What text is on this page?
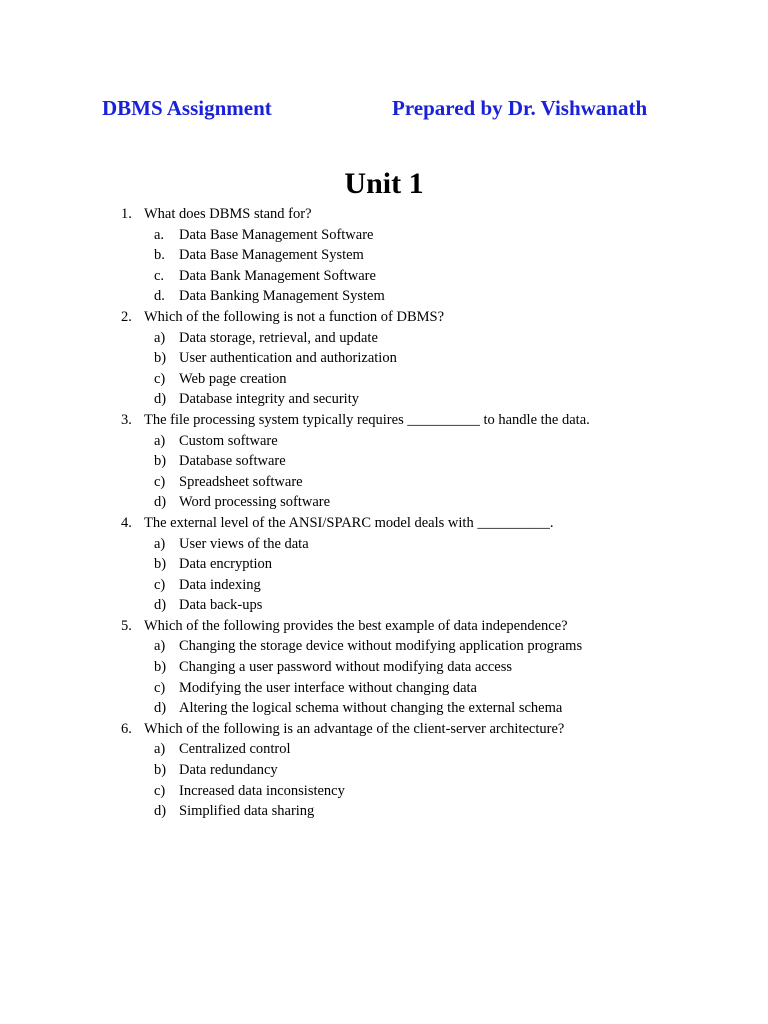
DBMS Assignment	Prepared by Dr. Vishwanath
Unit 1
1. What does DBMS stand for?
a. Data Base Management Software
b. Data Base Management System
c. Data Bank Management Software
d. Data Banking Management System
2. Which of the following is not a function of DBMS?
a) Data storage, retrieval, and update
b) User authentication and authorization
c) Web page creation
d) Database integrity and security
3. The file processing system typically requires __________ to handle the data.
a) Custom software
b) Database software
c) Spreadsheet software
d) Word processing software
4. The external level of the ANSI/SPARC model deals with __________.
a) User views of the data
b) Data encryption
c) Data indexing
d) Data back-ups
5. Which of the following provides the best example of data independence?
a) Changing the storage device without modifying application programs
b) Changing a user password without modifying data access
c) Modifying the user interface without changing data
d) Altering the logical schema without changing the external schema
6. Which of the following is an advantage of the client-server architecture?
a) Centralized control
b) Data redundancy
c) Increased data inconsistency
d) Simplified data sharing
